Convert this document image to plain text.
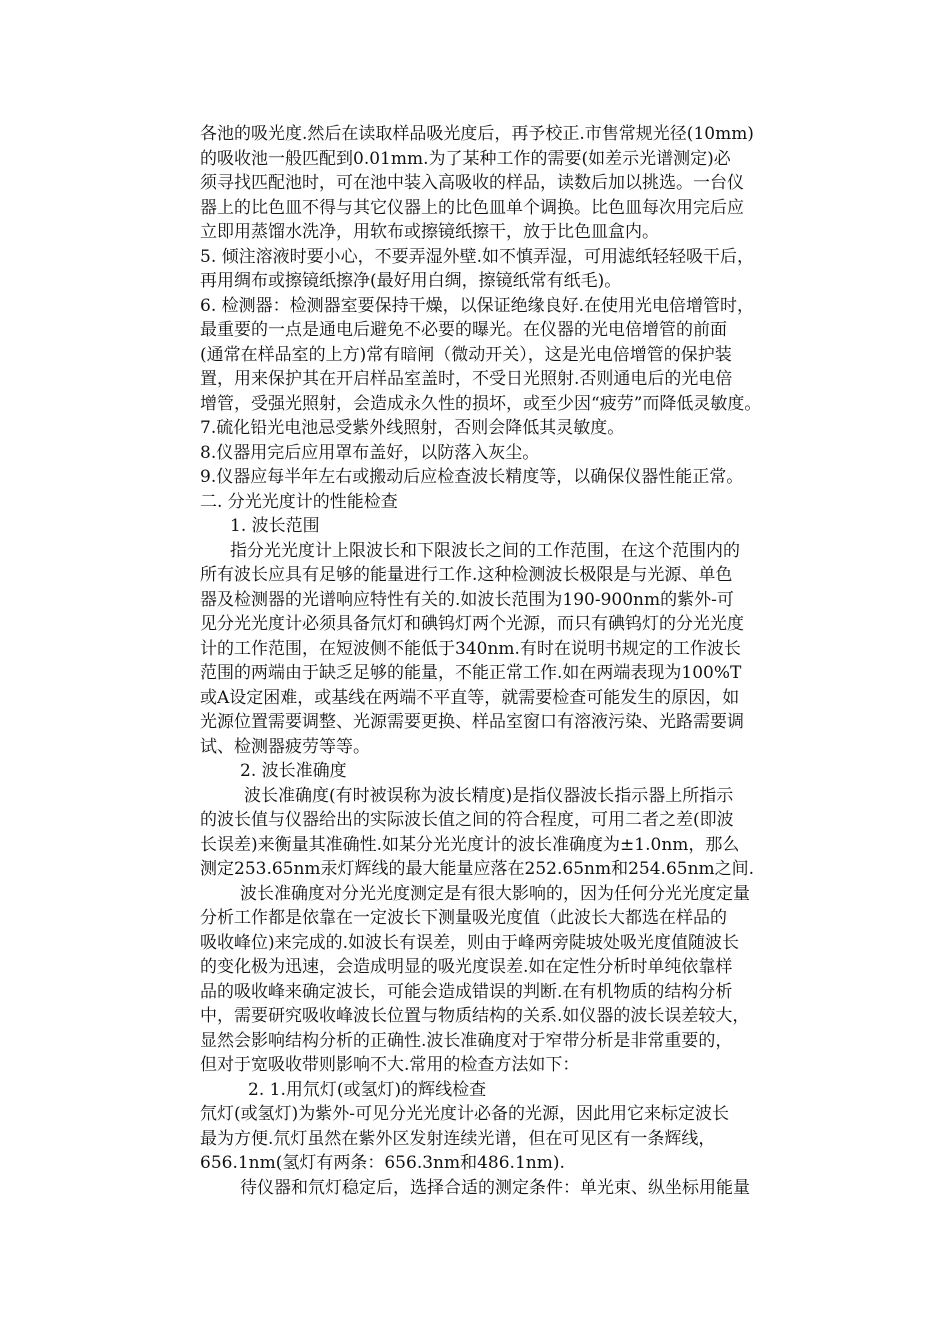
各池的吸光度.然后在读取样品吸光度后，再予校正.市售常规光径(10mm)
的吸收池一般匹配到0.01mm.为了某种工作的需要(如差示光谱测定)必
须寻找匹配池时，可在池中装入高吸收的样品，读数后加以挑选。一台仪
器上的比色皿不得与其它仪器上的比色皿单个调换。比色皿每次用完后应
立即用蒸馏水洗净，用软布或擦镜纸擦干，放于比色皿盒内。
5. 倾注溶液时要小心，不要弄湿外壁.如不慎弄湿，可用滤纸轻轻吸干后，
再用绸布或擦镜纸擦净(最好用白绸，擦镜纸常有纸毛)。
6. 检测器：检测器室要保持干燥，以保证绝缘良好.在使用光电倍增管时，
最重要的一点是通电后避免不必要的曝光。在仪器的光电倍增管的前面
(通常在样品室的上方)常有暗闸（微动开关），这是光电倍增管的保护装
置，用来保护其在开启样品室盖时，不受日光照射.否则通电后的光电倍
增管，受强光照射，会造成永久性的损坏，或至少因“疲劳”而降低灵敏度。
7.硫化铅光电池忌受紫外线照射，否则会降低其灵敏度。
8.仪器用完后应用罩布盖好，以防落入灰尘。
9.仪器应每半年左右或搬动后应检查波长精度等，以确保仪器性能正常。
二. 分光光度计的性能检查
1. 波长范围
指分光光度计上限波长和下限波长之间的工作范围，在这个范围内的
所有波长应具有足够的能量进行工作.这种检测波长极限是与光源、单色
器及检测器的光谱响应特性有关的.如波长范围为190-900nm的紫外-可
见分光光度计必须具备氘灯和碘钨灯两个光源，而只有碘钨灯的分光光度
计的工作范围，在短波侧不能低于340nm.有时在说明书规定的工作波长
范围的两端由于缺乏足够的能量，不能正常工作.如在两端表现为100%T
或A设定困难，或基线在两端不平直等，就需要检查可能发生的原因，如
光源位置需要调整、光源需要更换、样品室窗口有溶液污染、光路需要调
试、检测器疲劳等等。
2. 波长准确度
波长准确度(有时被误称为波长精度)是指仪器波长指示器上所指示
的波长值与仪器给出的实际波长值之间的符合程度，可用二者之差(即波
长误差)来衡量其准确性.如某分光光度计的波长准确度为±1.0nm，那么
测定253.65nm汞灯辉线的最大能量应落在252.65nm和254.65nm之间.
波长准确度对分光光度测定是有很大影响的，因为任何分光光度定量
分析工作都是依靠在一定波长下测量吸光度值（此波长大都选在样品的
吸收峰位)来完成的.如波长有误差，则由于峰两旁陡坡处吸光度值随波长
的变化极为迅速，会造成明显的吸光度误差.如在定性分析时单纯依靠样
品的吸收峰来确定波长，可能会造成错误的判断.在有机物质的结构分析
中，需要研究吸收峰波长位置与物质结构的关系.如仪器的波长误差较大，
显然会影响结构分析的正确性.波长准确度对于窄带分析是非常重要的，
但对于宽吸收带则影响不大.常用的检查方法如下：
2. 1.用氘灯(或氢灯)的辉线检查
氘灯(或氢灯)为紫外-可见分光光度计必备的光源，因此用它来标定波长
最为方便.氘灯虽然在紫外区发射连续光谱，但在可见区有一条辉线，
656.1nm(氢灯有两条：656.3nm和486.1nm).
待仪器和氘灯稳定后，选择合适的测定条件：单光束、纵坐标用能量
